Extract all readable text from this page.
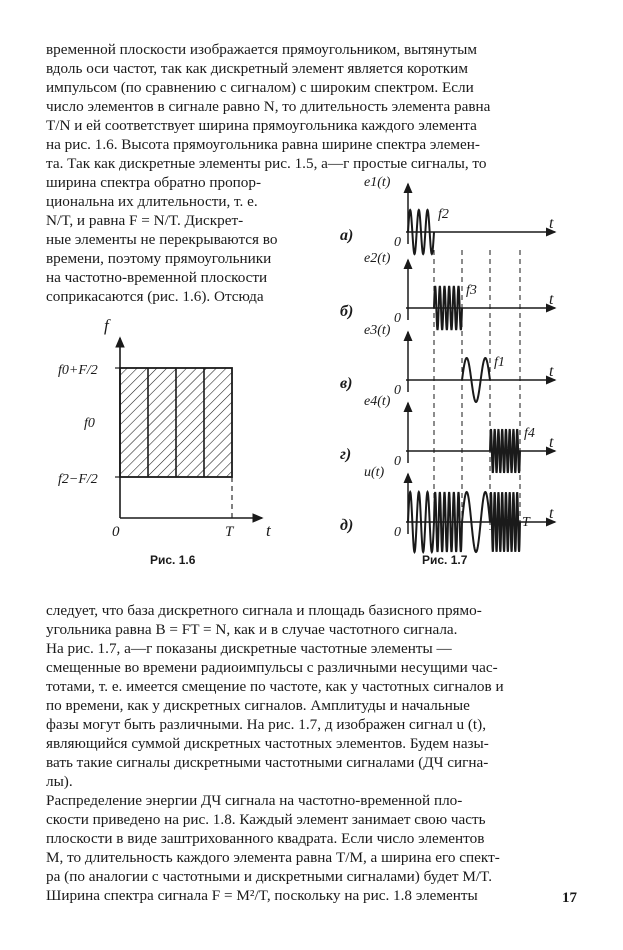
временной плоскости изображается прямоугольником, вытянутым
вдоль оси частот, так как дискретный элемент является коротким
импульсом (по сравнению с сигналом) с широким спектром. Если
число элементов в сигнале равно N, то длительность элемента равна
T/N и ей соответствует ширина прямоугольника каждого элемента
на рис. 1.6. Высота прямоугольника равна ширине спектра элемен-
та. Так как дискретные элементы рис. 1.5, а—г простые сигналы, то
ширина спектра обратно пропор-
циональна их длительности, т. е.
N/T, и равна F = N/T. Дискрет-
ные элементы не перекрываются во
времени, поэтому прямоугольники
на частотно-временной плоскости
соприкасаются (рис. 1.6). Отсюда
f
t
0	T
f0+F/2
f0
f2−F/2
Рис. 1.6
t
0
e1(t)
а)
f2
t
0
e2(t)
б)
f3
t
0
e3(t)
в)
f1
t
0
e4(t)
г)
f4
t
0
u(t)
д)	T
Рис. 1.7
следует, что база дискретного сигнала и площадь базисного прямо-
угольника равна B = FT = N, как и в случае частотного сигнала.
На рис. 1.7, а—г показаны дискретные частотные элементы —
смещенные во времени радиоимпульсы с различными несущими час-
тотами, т. е. имеется смещение по частоте, как у частотных сигналов и
по времени, как у дискретных сигналов. Амплитуды и начальные
фазы могут быть различными. На рис. 1.7, д изображен сигнал u (t),
являющийся суммой дискретных частотных элементов. Будем назы-
вать такие сигналы дискретными частотными сигналами (ДЧ сигна-
лы).
Распределение энергии ДЧ сигнала на частотно-временной пло-
скости приведено на рис. 1.8. Каждый элемент занимает свою часть
плоскости в виде заштрихованного квадрата. Если число элементов
M, то длительность каждого элемента равна T/M, а ширина его спект-
ра (по аналогии с частотными и дискретными сигналами) будет M/T.
Ширина спектра сигнала F = M²/T, поскольку на рис. 1.8 элементы	17
